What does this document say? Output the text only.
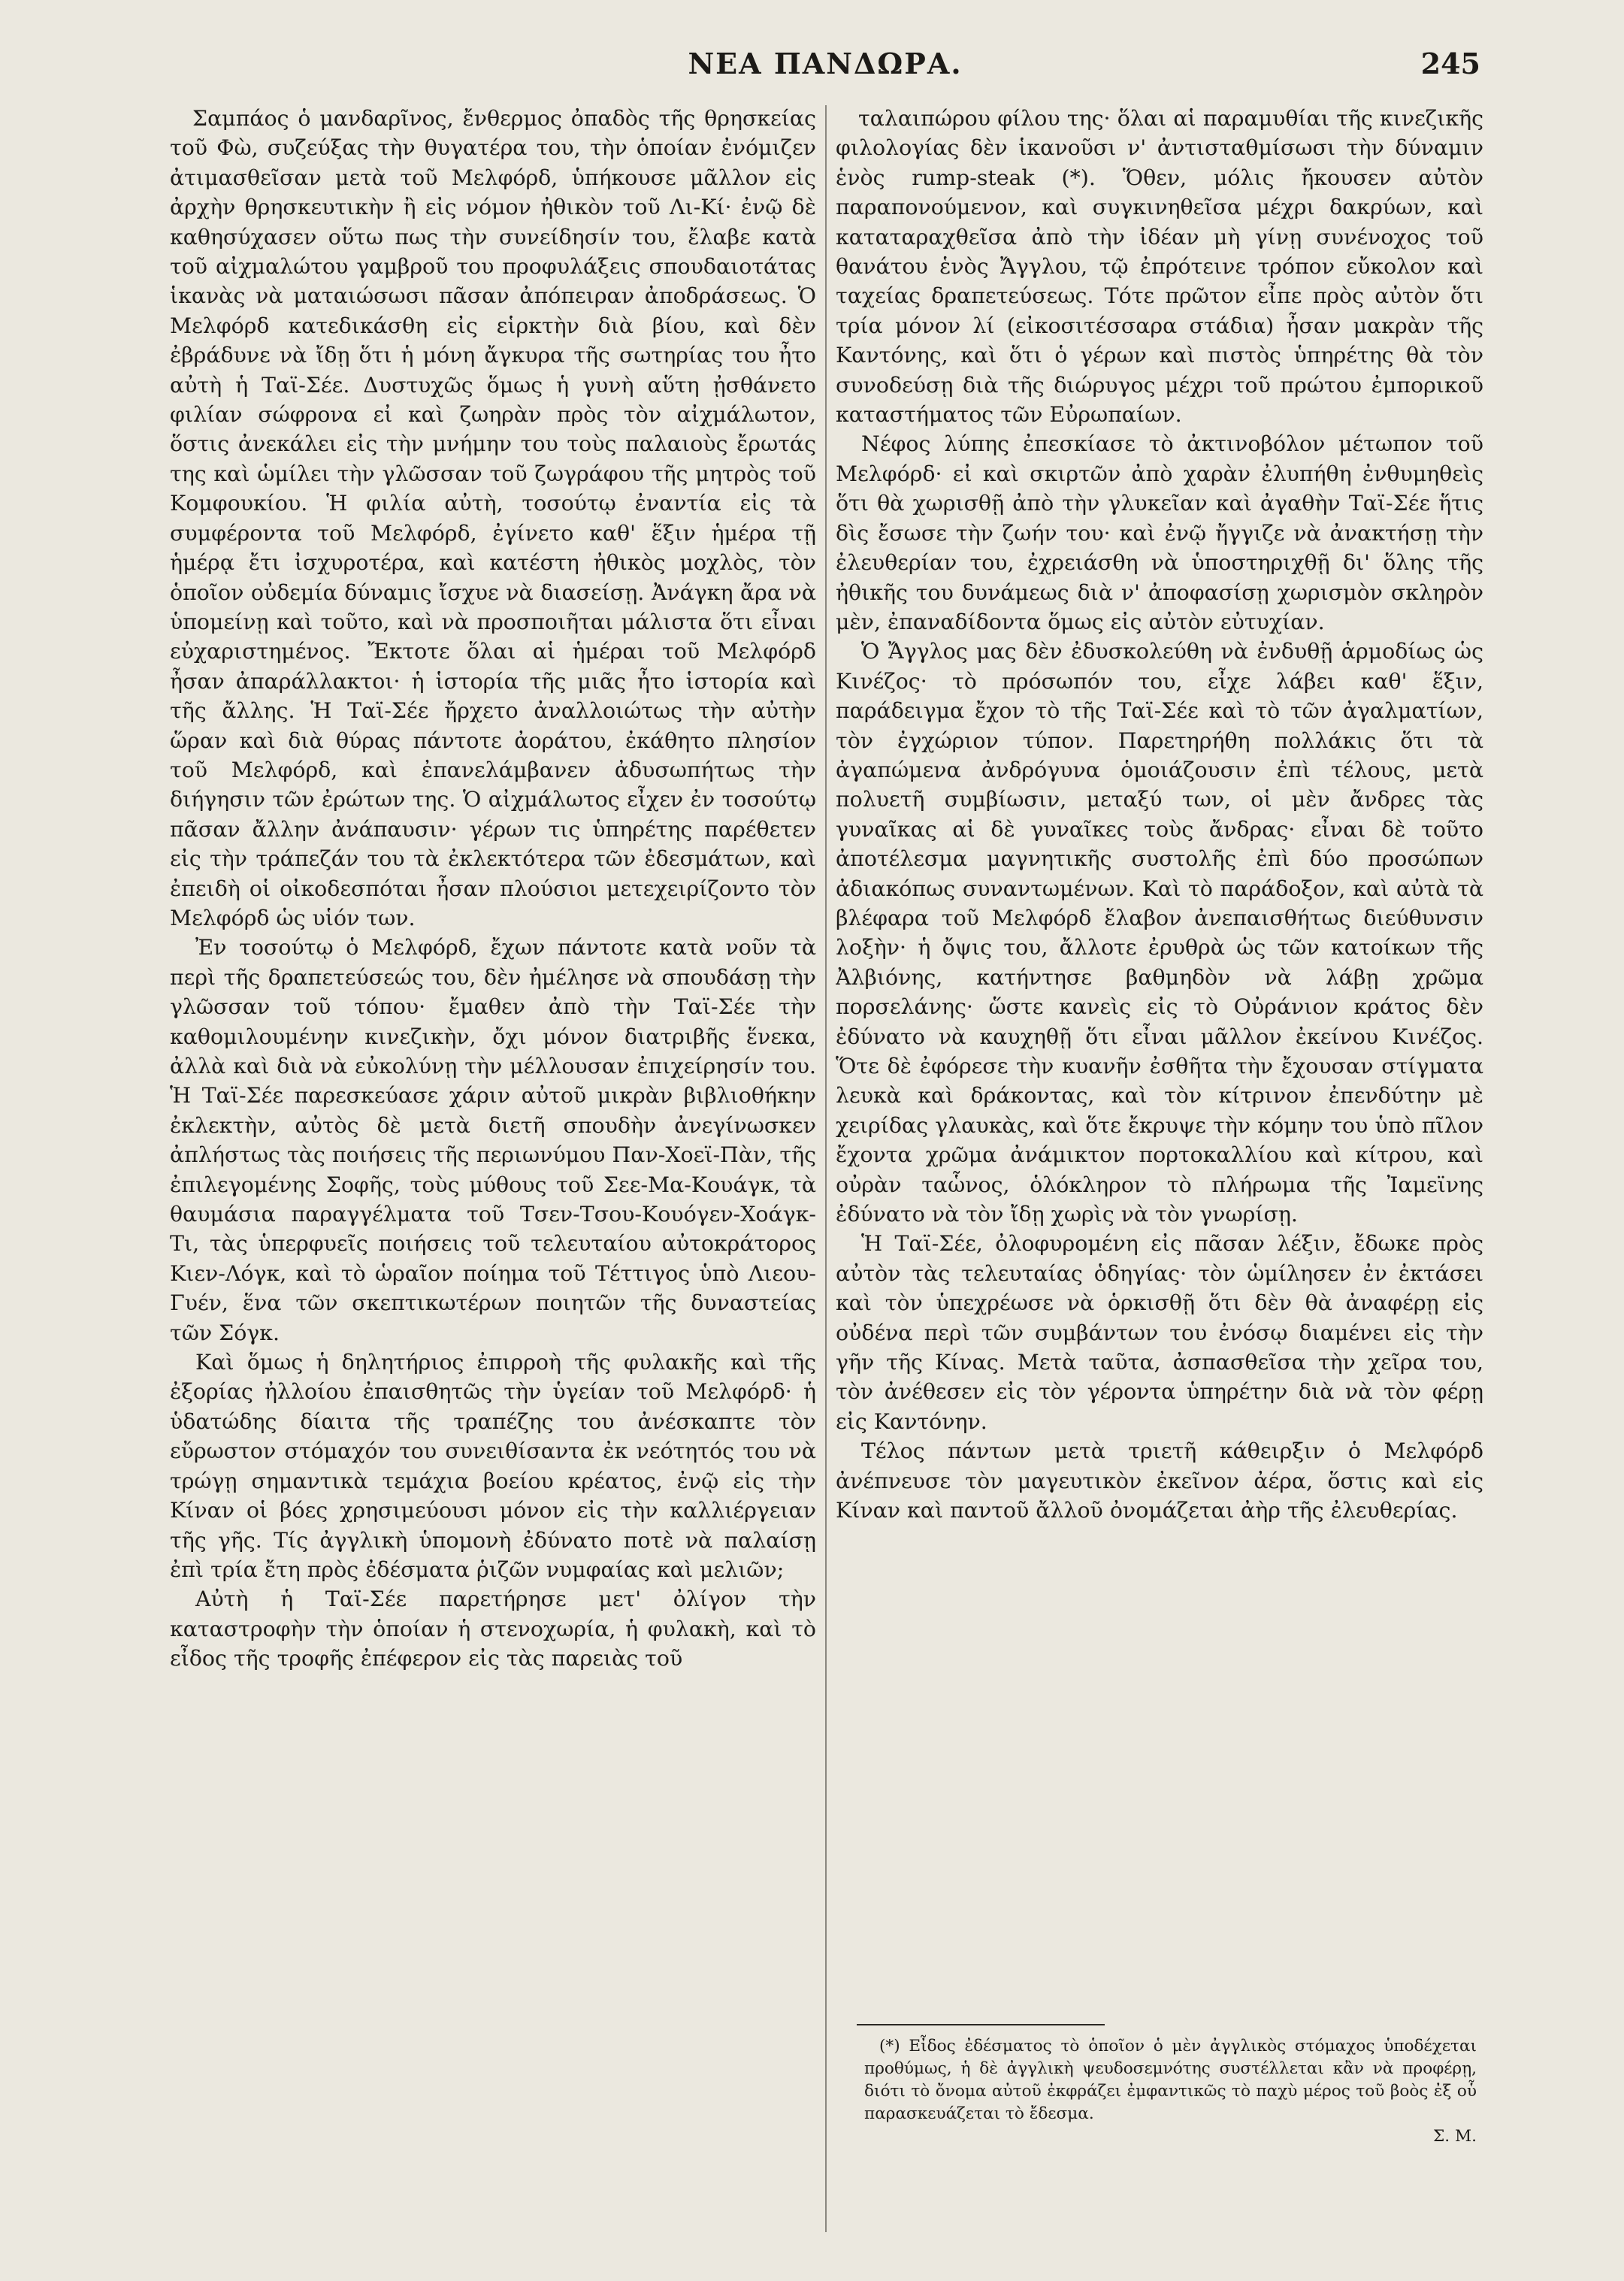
ΝΕΑ ΠΑΝΔΩΡΑ.	245

Σαμπάος ὁ μανδαρῖνος, ἔνθερμος ὀπαδὸς τῆς θρησκείας τοῦ Φὼ, συζεύξας τὴν θυγατέρα του, τὴν ὁποίαν ἐνόμιζεν ἀτιμασθεῖσαν μετὰ τοῦ Μελφόρδ, ὑπήκουσε μᾶλλον εἰς ἀρχὴν θρησκευτικὴν ἢ εἰς νόμον ἠθικὸν τοῦ Λι-Κί· ἐνῷ δὲ καθησύχασεν οὕτω πως τὴν συνείδησίν του, ἔλαβε κατὰ τοῦ αἰχμαλώτου γαμβροῦ του προφυλάξεις σπουδαιοτάτας ἱκανὰς νὰ ματαιώσωσι πᾶσαν ἀπόπειραν ἀποδράσεως. Ὁ Μελφόρδ κατεδικάσθη εἰς εἱρκτὴν διὰ βίου, καὶ δὲν ἐβράδυνε νὰ ἴδῃ ὅτι ἡ μόνη ἄγκυρα τῆς σωτηρίας του ἦτο αὐτὴ ἡ Ταϊ-Σέε. Δυστυχῶς ὅμως ἡ γυνὴ αὕτη ᾐσθάνετο φιλίαν σώφρονα εἰ καὶ ζωηρὰν πρὸς τὸν αἰχμάλωτον, ὅστις ἀνεκάλει εἰς τὴν μνήμην του τοὺς παλαιοὺς ἔρωτάς της καὶ ὡμίλει τὴν γλῶσσαν τοῦ ζωγράφου τῆς μητρὸς τοῦ Κομφουκίου. Ἡ φιλία αὐτὴ, τοσούτῳ ἐναντία εἰς τὰ συμφέροντα τοῦ Μελφόρδ, ἐγίνετο καθ' ἕξιν ἡμέρα τῇ ἡμέρᾳ ἔτι ἰσχυροτέρα, καὶ κατέστη ἠθικὸς μοχλὸς, τὸν ὁποῖον οὐδεμία δύναμις ἴσχυε νὰ διασείσῃ. Ἀνάγκη ἄρα νὰ ὑπομείνῃ καὶ τοῦτο, καὶ νὰ προσποιῆται μάλιστα ὅτι εἶναι εὐχαριστημένος. Ἔκτοτε ὅλαι αἱ ἡμέραι τοῦ Μελφόρδ ἦσαν ἀπαράλλακτοι· ἡ ἱστορία τῆς μιᾶς ἦτο ἱστορία καὶ τῆς ἄλλης. Ἡ Ταϊ-Σέε ἤρχετο ἀναλλοιώτως τὴν αὐτὴν ὥραν καὶ διὰ θύρας πάντοτε ἀοράτου, ἐκάθητο πλησίον τοῦ Μελφόρδ, καὶ ἐπανελάμβανεν ἀδυσωπήτως τὴν διήγησιν τῶν ἐρώτων της. Ὁ αἰχμάλωτος εἶχεν ἐν τοσούτῳ πᾶσαν ἄλλην ἀνάπαυσιν· γέρων τις ὑπηρέτης παρέθετεν εἰς τὴν τράπεζάν του τὰ ἐκλεκτότερα τῶν ἐδεσμάτων, καὶ ἐπειδὴ οἱ οἰκοδεσπόται ἦσαν πλούσιοι μετεχειρίζοντο τὸν Μελφόρδ ὡς υἱόν των.

Ἐν τοσούτῳ ὁ Μελφόρδ, ἔχων πάντοτε κατὰ νοῦν τὰ περὶ τῆς δραπετεύσεώς του, δὲν ἠμέλησε νὰ σπουδάσῃ τὴν γλῶσσαν τοῦ τόπου· ἔμαθεν ἀπὸ τὴν Ταϊ-Σέε τὴν καθομιλουμένην κινεζικὴν, ὄχι μόνον διατριβῆς ἕνεκα, ἀλλὰ καὶ διὰ νὰ εὐκολύνῃ τὴν μέλλουσαν ἐπιχείρησίν του. Ἡ Ταϊ-Σέε παρεσκεύασε χάριν αὐτοῦ μικρὰν βιβλιοθήκην ἐκλεκτὴν, αὐτὸς δὲ μετὰ διετῆ σπουδὴν ἀνεγίνωσκεν ἀπλήστως τὰς ποιήσεις τῆς περιωνύμου Παν-Χοεϊ-Πὰν, τῆς ἐπιλεγομένης Σοφῆς, τοὺς μύθους τοῦ Σεε-Μα-Κουάγκ, τὰ θαυμάσια παραγγέλματα τοῦ Τσεν-Τσου-Κουόγεν-Χοάγκ-Τι, τὰς ὑπερφυεῖς ποιήσεις τοῦ τελευταίου αὐτοκράτορος Κιεν-Λόγκ, καὶ τὸ ὡραῖον ποίημα τοῦ Τέττιγος ὑπὸ Λιεου-Γυέν, ἕνα τῶν σκεπτικωτέρων ποιητῶν τῆς δυναστείας τῶν Σόγκ.

Καὶ ὅμως ἡ δηλητήριος ἐπιρροὴ τῆς φυλακῆς καὶ τῆς ἐξορίας ἠλλοίου ἐπαισθητῶς τὴν ὑγείαν τοῦ Μελφόρδ· ἡ ὑδατώδης δίαιτα τῆς τραπέζης του ἀνέσκαπτε τὸν εὔρωστον στόμαχόν του συνειθίσαντα ἐκ νεότητός του νὰ τρώγῃ σημαντικὰ τεμάχια βοείου κρέατος, ἐνῷ εἰς τὴν Κίναν οἱ βόες χρησιμεύουσι μόνον εἰς τὴν καλλιέργειαν τῆς γῆς. Τίς ἀγγλικὴ ὑπομονὴ ἐδύνατο ποτὲ νὰ παλαίσῃ ἐπὶ τρία ἔτη πρὸς ἐδέσματα ῥιζῶν νυμφαίας καὶ μελιῶν;

Αὐτὴ ἡ Ταϊ-Σέε παρετήρησε μετ' ὀλίγον τὴν καταστροφὴν τὴν ὁποίαν ἡ στενοχωρία, ἡ φυλακὴ, καὶ τὸ εἶδος τῆς τροφῆς ἐπέφερον εἰς τὰς παρειὰς τοῦ

ταλαιπώρου φίλου της· ὅλαι αἱ παραμυθίαι τῆς κινεζικῆς φιλολογίας δὲν ἱκανοῦσι ν' ἀντισταθμίσωσι τὴν δύναμιν ἑνὸς rump-steak (*). Ὅθεν, μόλις ἤκουσεν αὐτὸν παραπονούμενον, καὶ συγκινηθεῖσα μέχρι δακρύων, καὶ καταταραχθεῖσα ἀπὸ τὴν ἰδέαν μὴ γίνῃ συνένοχος τοῦ θανάτου ἑνὸς Ἄγγλου, τῷ ἐπρότεινε τρόπον εὔκολον καὶ ταχείας δραπετεύσεως. Τότε πρῶτον εἶπε πρὸς αὐτὸν ὅτι τρία μόνον λί (εἰκοσιτέσσαρα στάδια) ἦσαν μακρὰν τῆς Καντόνης, καὶ ὅτι ὁ γέρων καὶ πιστὸς ὑπηρέτης θὰ τὸν συνοδεύσῃ διὰ τῆς διώρυγος μέχρι τοῦ πρώτου ἐμπορικοῦ καταστήματος τῶν Εὐρωπαίων.

Νέφος λύπης ἐπεσκίασε τὸ ἀκτινοβόλον μέτωπον τοῦ Μελφόρδ· εἰ καὶ σκιρτῶν ἀπὸ χαρὰν ἐλυπήθη ἐνθυμηθεὶς ὅτι θὰ χωρισθῇ ἀπὸ τὴν γλυκεῖαν καὶ ἀγαθὴν Ταϊ-Σέε ἥτις δὶς ἔσωσε τὴν ζωήν του· καὶ ἐνῷ ἤγγιζε νὰ ἀνακτήσῃ τὴν ἐλευθερίαν του, ἐχρειάσθη νὰ ὑποστηριχθῇ δι' ὅλης τῆς ἠθικῆς του δυνάμεως διὰ ν' ἀποφασίσῃ χωρισμὸν σκληρὸν μὲν, ἐπαναδίδοντα ὅμως εἰς αὐτὸν εὐτυχίαν.

Ὁ Ἄγγλος μας δὲν ἐδυσκολεύθη νὰ ἐνδυθῇ ἁρμοδίως ὡς Κινέζος· τὸ πρόσωπόν του, εἶχε λάβει καθ' ἕξιν, παράδειγμα ἔχον τὸ τῆς Ταϊ-Σέε καὶ τὸ τῶν ἀγαλματίων, τὸν ἐγχώριον τύπον. Παρετηρήθη πολλάκις ὅτι τὰ ἀγαπώμενα ἀνδρόγυνα ὁμοιάζουσιν ἐπὶ τέλους, μετὰ πολυετῆ συμβίωσιν, μεταξύ των, οἱ μὲν ἄνδρες τὰς γυναῖκας αἱ δὲ γυναῖκες τοὺς ἄνδρας· εἶναι δὲ τοῦτο ἀποτέλεσμα μαγνητικῆς συστολῆς ἐπὶ δύο προσώπων ἀδιακόπως συναντωμένων. Καὶ τὸ παράδοξον, καὶ αὐτὰ τὰ βλέφαρα τοῦ Μελφόρδ ἔλαβον ἀνεπαισθήτως διεύθυνσιν λοξὴν· ἡ ὄψις του, ἄλλοτε ἐρυθρὰ ὡς τῶν κατοίκων τῆς Ἀλβιόνης, κατήντησε βαθμηδὸν νὰ λάβῃ χρῶμα πορσελάνης· ὥστε κανεὶς εἰς τὸ Οὐράνιον κράτος δὲν ἐδύνατο νὰ καυχηθῇ ὅτι εἶναι μᾶλλον ἐκείνου Κινέζος. Ὅτε δὲ ἐφόρεσε τὴν κυανῆν ἐσθῆτα τὴν ἔχουσαν στίγματα λευκὰ καὶ δράκοντας, καὶ τὸν κίτρινον ἐπενδύτην μὲ χειρίδας γλαυκὰς, καὶ ὅτε ἔκρυψε τὴν κόμην του ὑπὸ πῖλον ἔχοντα χρῶμα ἀνάμικτον πορτοκαλλίου καὶ κίτρου, καὶ οὐρὰν ταὧνος, ὁλόκληρον τὸ πλήρωμα τῆς Ἰαμεϊνης ἐδύνατο νὰ τὸν ἴδῃ χωρὶς νὰ τὸν γνωρίσῃ.

Ἡ Ταϊ-Σέε, ὀλοφυρομένη εἰς πᾶσαν λέξιν, ἔδωκε πρὸς αὐτὸν τὰς τελευταίας ὁδηγίας· τὸν ὡμίλησεν ἐν ἐκτάσει καὶ τὸν ὑπεχρέωσε νὰ ὁρκισθῇ ὅτι δὲν θὰ ἀναφέρῃ εἰς οὐδένα περὶ τῶν συμβάντων του ἐνόσῳ διαμένει εἰς τὴν γῆν τῆς Κίνας. Μετὰ ταῦτα, ἀσπασθεῖσα τὴν χεῖρα του, τὸν ἀνέθεσεν εἰς τὸν γέροντα ὑπηρέτην διὰ νὰ τὸν φέρῃ εἰς Καντόνην.

Τέλος πάντων μετὰ τριετῆ κάθειρξιν ὁ Μελφόρδ ἀνέπνευσε τὸν μαγευτικὸν ἐκεῖνον ἀέρα, ὅστις καὶ εἰς Κίναν καὶ παντοῦ ἄλλοῦ ὀνομάζεται ἀὴρ τῆς ἐλευθερίας.

(*) Εἶδος ἐδέσματος τὸ ὁποῖον ὁ μὲν ἀγγλικὸς στόμαχος ὑποδέχεται προθύμως, ἡ δὲ ἀγγλικὴ ψευδοσεμνότης συστέλλεται κἂν νὰ προφέρῃ, διότι τὸ ὄνομα αὐτοῦ ἐκφράζει ἐμφαντικῶς τὸ παχὺ μέρος τοῦ βοὸς ἐξ οὗ παρασκευάζεται τὸ ἔδεσμα.

Σ. Μ.
